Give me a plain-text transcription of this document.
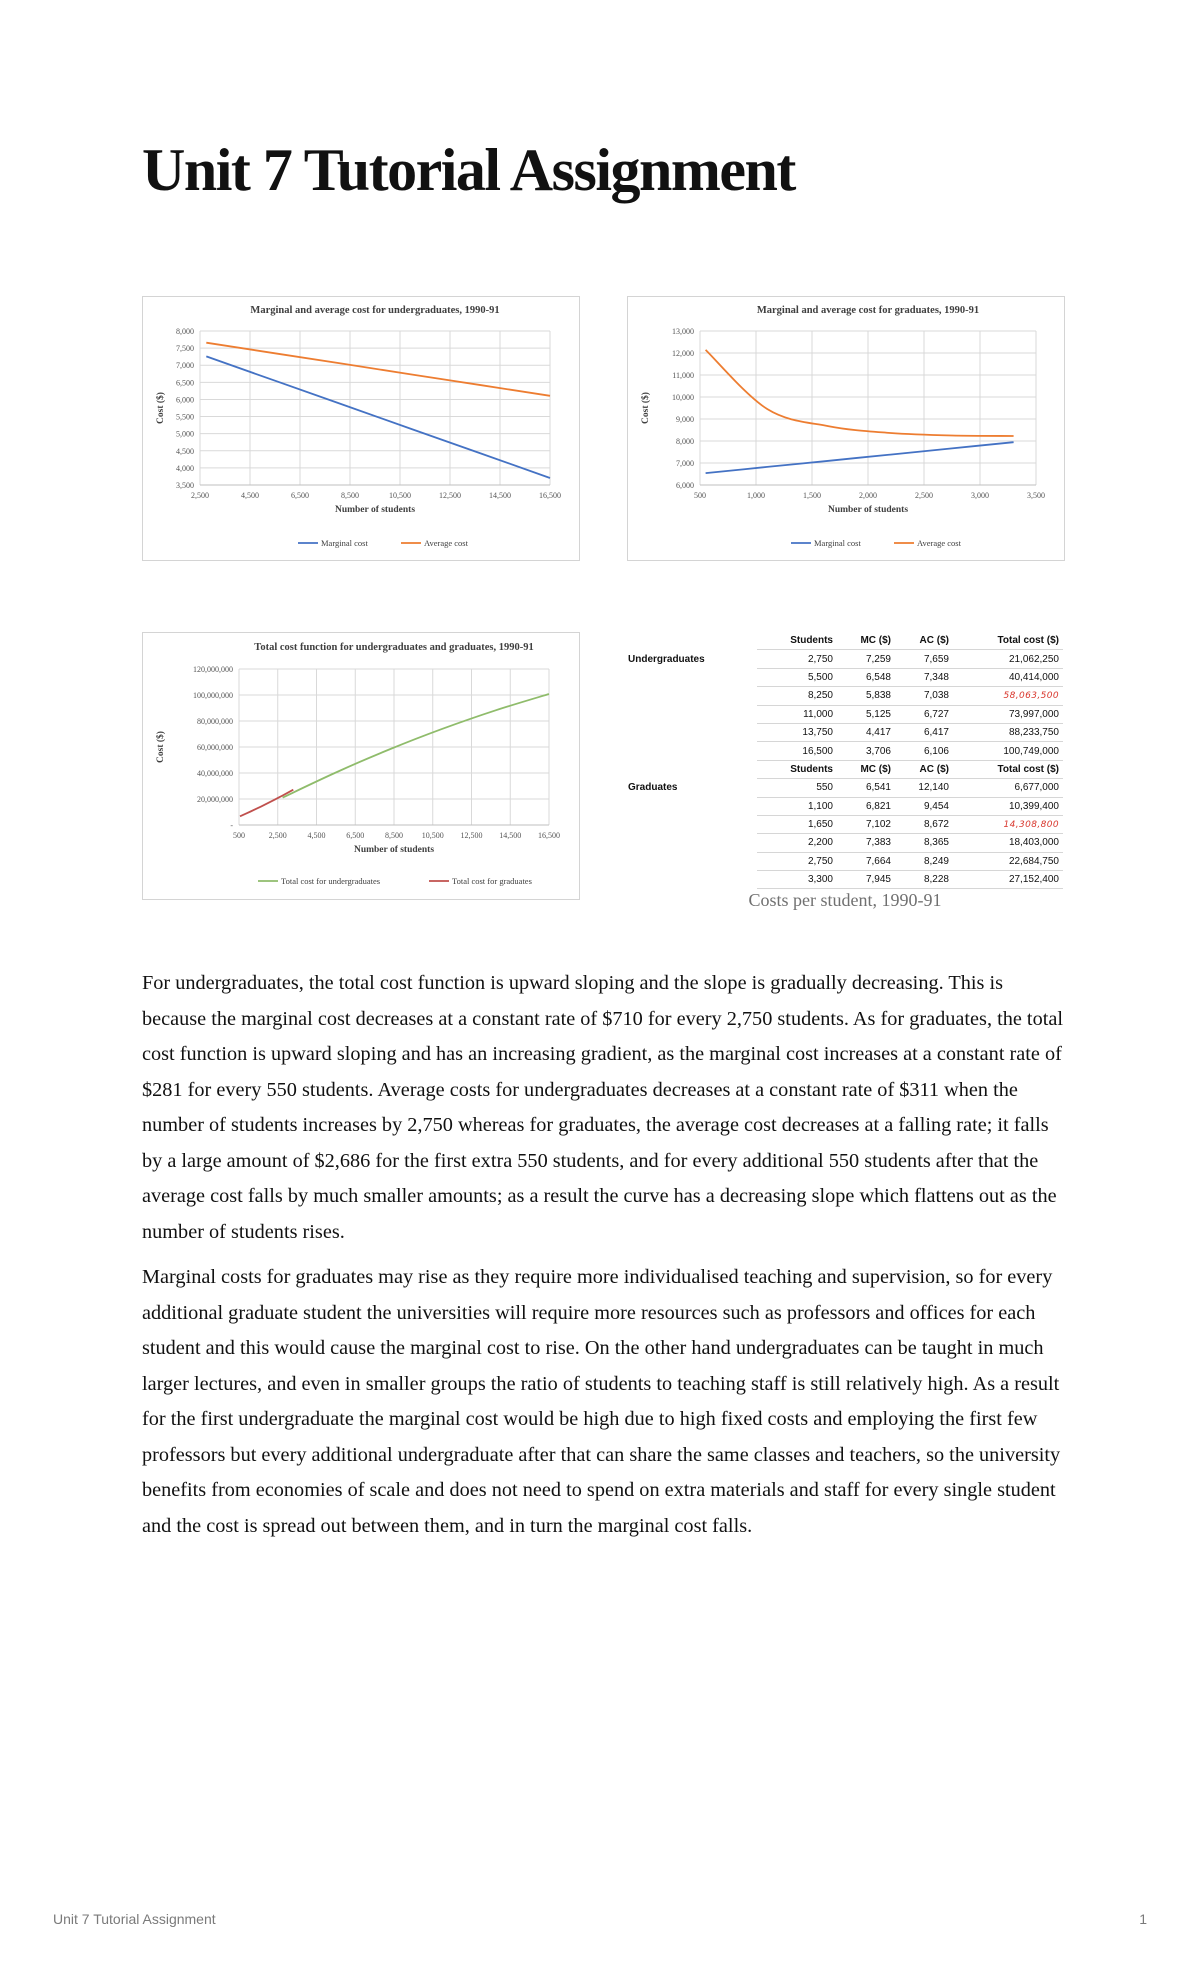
Unit 7 Tutorial Assignment
Marginal and average cost for undergraduates, 1990-91
3,500
4,000
4,500
5,000
5,500
6,000
6,500
7,000
7,500
8,000
2,500	4,500	6,500	8,500	10,500	12,500	14,500	16,500
Number of students
Cost ($)
Marginal cost	Average cost
Marginal and average cost for graduates, 1990-91
6,000
7,000
8,000
9,000
10,000
11,000
12,000
13,000
500	1,000	1,500	2,000	2,500	3,000	3,500
Number of students
Cost ($)
Marginal cost	Average cost
Total cost function for undergraduates and graduates, 1990-91
-
20,000,000
40,000,000
60,000,000
80,000,000
100,000,000
120,000,000
500	2,500	4,500	6,500	8,500 10,500 12,500 14,500 16,500
Number of students
Cost ($)
Total cost for undergraduates	Total cost for graduates
	Students	MC ($)	AC ($)	Total cost ($)
Undergraduates	2,750	7,259	7,659	21,062,250
	5,500	6,548	7,348	40,414,000
	8,250	5,838	7,038	58,063,500
	11,000	5,125	6,727	73,997,000
	13,750	4,417	6,417	88,233,750
	16,500	3,706	6,106	100,749,000
	Students	MC ($)	AC ($)	Total cost ($)
Graduates	550	6,541	12,140	6,677,000
	1,100	6,821	9,454	10,399,400
	1,650	7,102	8,672	14,308,800
	2,200	7,383	8,365	18,403,000
	2,750	7,664	8,249	22,684,750
	3,300	7,945	8,228	27,152,400
Costs per student, 1990-91

For undergraduates, the total cost function is upward sloping and the slope is gradually decreasing. This is because the marginal cost decreases at a constant rate of $710 for every 2,750 students. As for graduates, the total cost function is upward sloping and has an increasing gradient, as the marginal cost increases at a constant rate of $281 for every 550 students. Average costs for undergraduates decreases at a constant rate of $311 when the number of students increases by 2,750 whereas for graduates, the average cost decreases at a falling rate; it falls by a large amount of $2,686 for the first extra 550 students, and for every additional 550 students after that the average cost falls by much smaller amounts; as a result the curve has a decreasing slope which flattens out as the number of students rises.

Marginal costs for graduates may rise as they require more individualised teaching and supervision, so for every additional graduate student the universities will require more resources such as professors and offices for each student and this would cause the marginal cost to rise. On the other hand undergraduates can be taught in much larger lectures, and even in smaller groups the ratio of students to teaching staff is still relatively high. As a result for the first undergraduate the marginal cost would be high due to high fixed costs and employing the first few professors but every additional undergraduate after that can share the same classes and teachers, so the university benefits from economies of scale and does not need to spend on extra materials and staff for every single student and the cost is spread out between them, and in turn the marginal cost falls.

Unit 7 Tutorial Assignment	1
